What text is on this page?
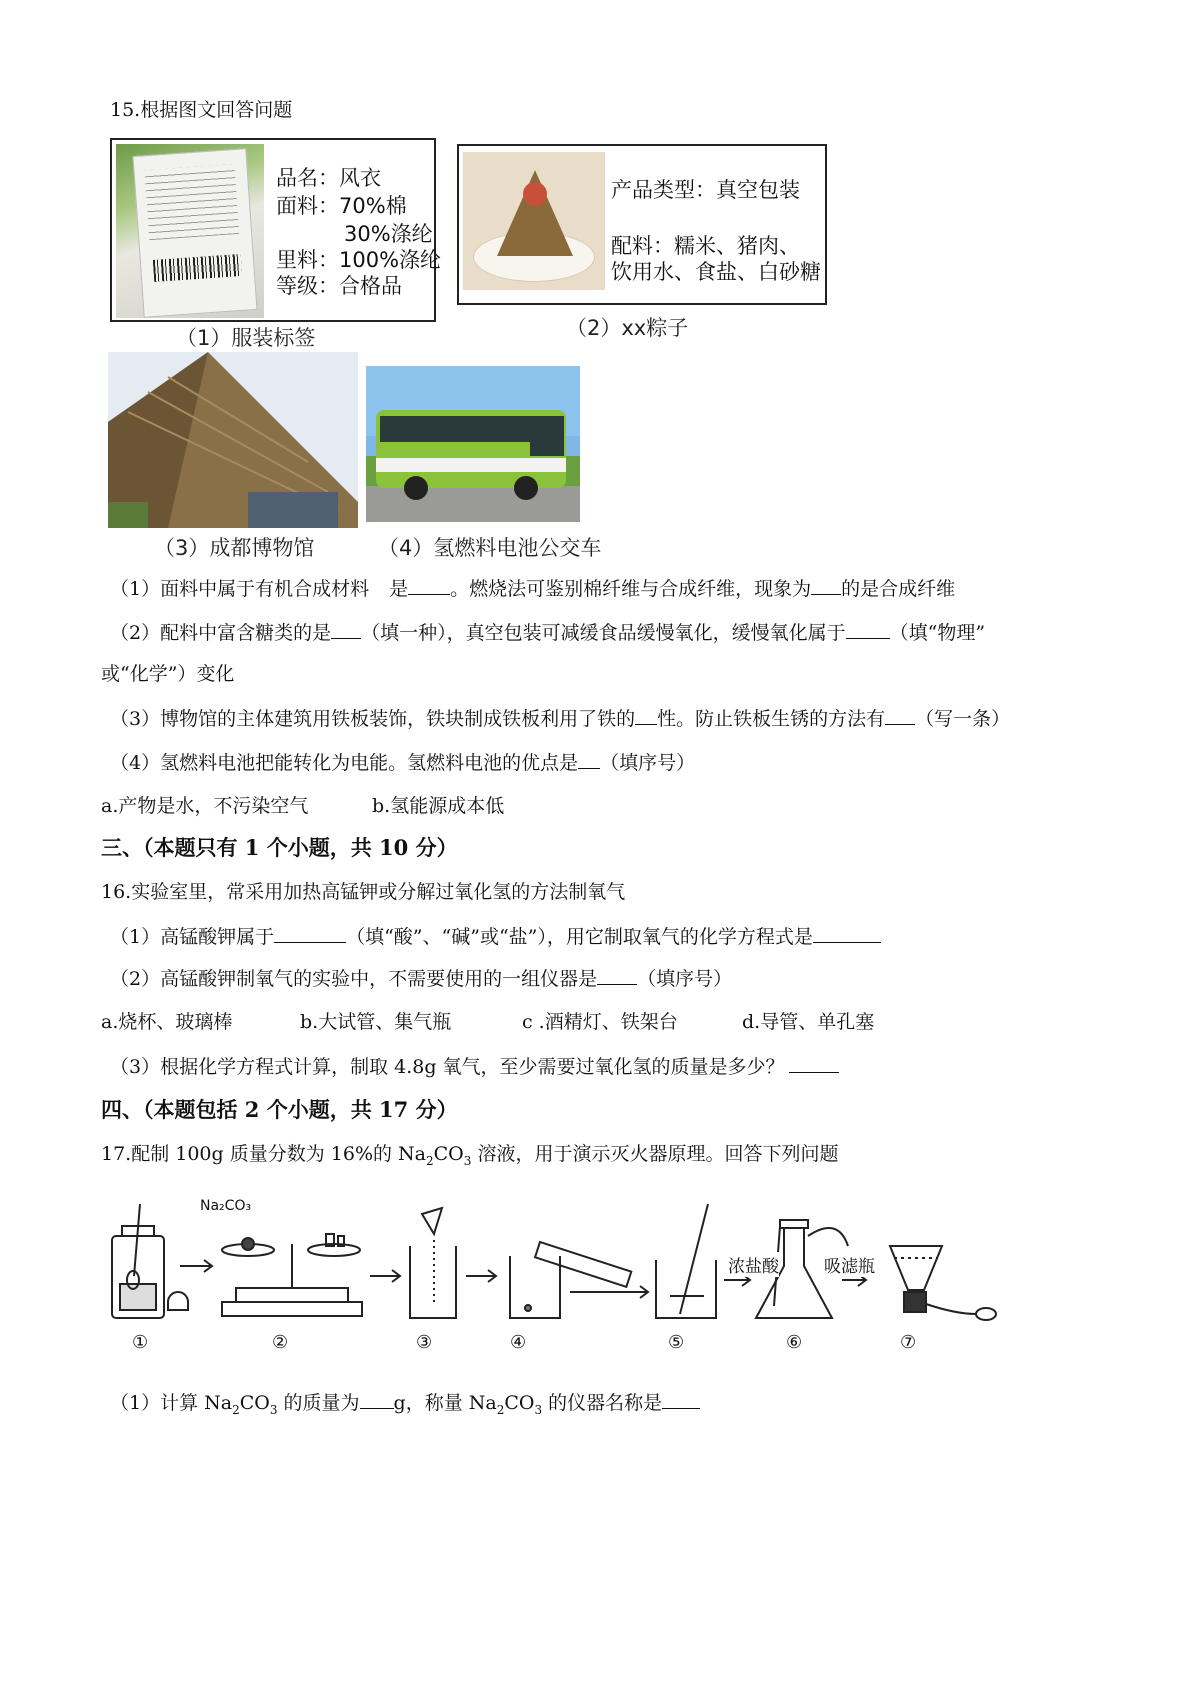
15.根据图文回答问题
品名：风衣
面料：70%棉
30%涤纶
里料：100%涤纶
等级：合格品
（1）服装标签
产品类型：真空包装
配料：糯米、猪肉、
饮用水、食盐、白砂糖
（2）xx粽子
（3）成都博物馆	（4）氢燃料电池公交车
（1）面料中属于有机合成材料 是 。燃烧法可鉴别棉纤维与合成纤维，现象为 的是合成纤维
（2）配料中富含糖类的是 （填一种），真空包装可减缓食品缓慢氧化，缓慢氧化属于 （填“物理”
或“化学”）变化
（3）博物馆的主体建筑用铁板装饰，铁块制成铁板利用了铁的 性。防止铁板生锈的方法有 （写一条）
（4）氢燃料电池把能转化为电能。氢燃料电池的优点是 （填序号）
a.产物是水，不污染空气	b.氢能源成本低
三、（本题只有 1 个小题，共 10 分）
16.实验室里，常采用加热高锰钾或分解过氧化氢的方法制氧气
（1）高锰酸钾属于	（填“酸”、“碱”或“盐”），用它制取氧气的化学方程式是
（2）高锰酸钾制氧气的实验中，不需要使用的一组仪器是 （填序号）
a.烧杯、玻璃棒	b.大试管、集气瓶	c .酒精灯、铁架台	d.导管、单孔塞
（3）根据化学方程式计算，制取 4.8g 氧气，至少需要过氧化氢的质量是多少？
四、（本题包括 2 个小题，共 17 分）
17.配制 100g 质量分数为 16%的 $Na_2CO_3$ 溶液，用于演示灭火器原理。回答下列问题
Na₂CO₃
浓盐酸	吸滤瓶
①	②	③	④	⑤	⑥	⑦
（1）计算 $Na_2CO_3$ 的质量为 g，称量 $Na_2CO_3$ 的仪器名称是
